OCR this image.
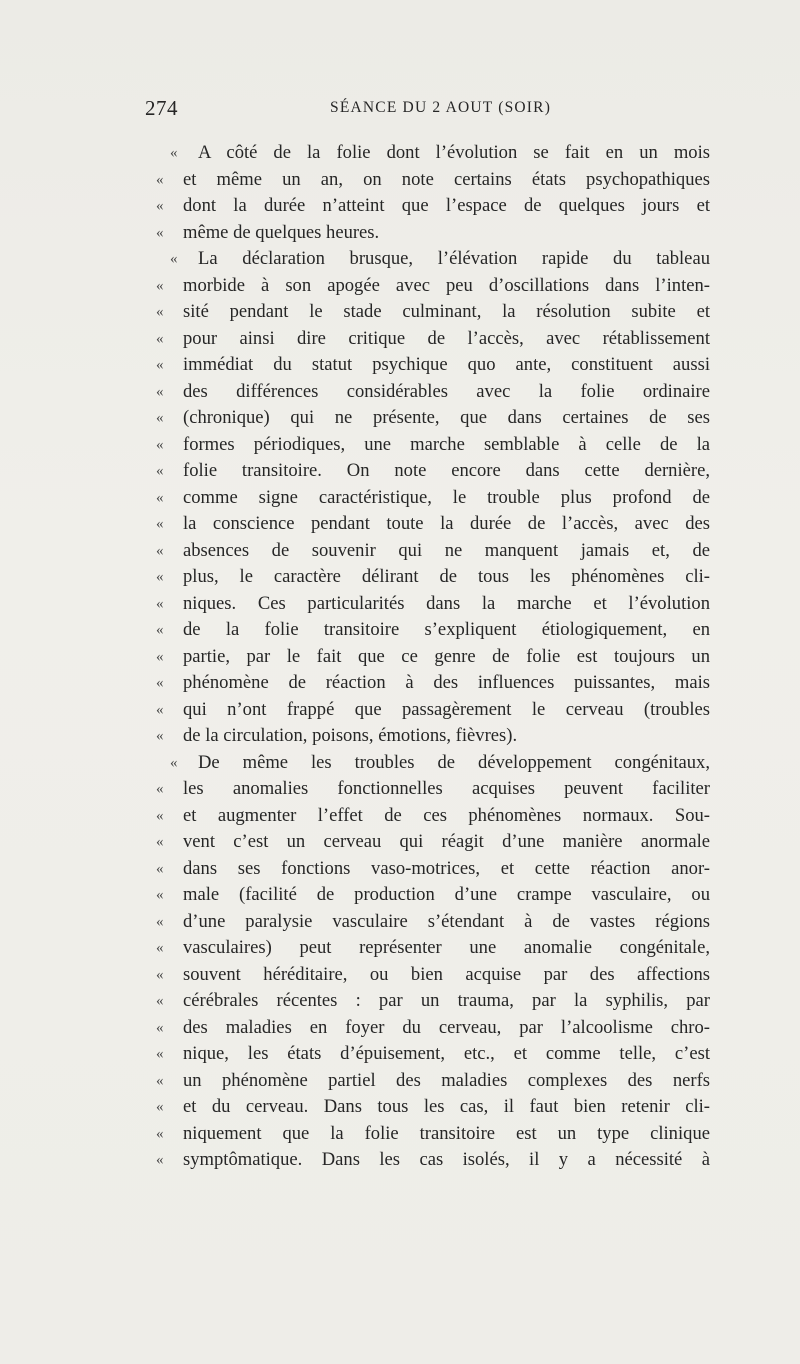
274	SÉANCE DU 2 AOUT (SOIR)
« A côté de la folie dont l’évolution se fait en un mois
« et même un an, on note certains états psychopathiques
« dont la durée n’atteint que l’espace de quelques jours et
« même de quelques heures.
« La déclaration brusque, l’élévation rapide du tableau
« morbide à son apogée avec peu d’oscillations dans l’inten-
« sité pendant le stade culminant, la résolution subite et
« pour ainsi dire critique de l’accès, avec rétablissement
« immédiat du statut psychique quo ante, constituent aussi
« des différences considérables avec la folie ordinaire
« (chronique) qui ne présente, que dans certaines de ses
« formes périodiques, une marche semblable à celle de la
« folie transitoire. On note encore dans cette dernière,
« comme signe caractéristique, le trouble plus profond de
« la conscience pendant toute la durée de l’accès, avec des
« absences de souvenir qui ne manquent jamais et, de
« plus, le caractère délirant de tous les phénomènes cli-
« niques. Ces particularités dans la marche et l’évolution
« de la folie transitoire s’expliquent étiologiquement, en
« partie, par le fait que ce genre de folie est toujours un
« phénomène de réaction à des influences puissantes, mais
« qui n’ont frappé que passagèrement le cerveau (troubles
« de la circulation, poisons, émotions, fièvres).
« De même les troubles de développement congénitaux,
« les anomalies fonctionnelles acquises peuvent faciliter
« et augmenter l’effet de ces phénomènes normaux. Sou-
« vent c’est un cerveau qui réagit d’une manière anormale
« dans ses fonctions vaso-motrices, et cette réaction anor-
« male (facilité de production d’une crampe vasculaire, ou
« d’une paralysie vasculaire s’étendant à de vastes régions
« vasculaires) peut représenter une anomalie congénitale,
« souvent héréditaire, ou bien acquise par des affections
« cérébrales récentes : par un trauma, par la syphilis, par
« des maladies en foyer du cerveau, par l’alcoolisme chro-
« nique, les états d’épuisement, etc., et comme telle, c’est
« un phénomène partiel des maladies complexes des nerfs
« et du cerveau. Dans tous les cas, il faut bien retenir cli-
« niquement que la folie transitoire est un type clinique
« symptômatique. Dans les cas isolés, il y a nécessité à
